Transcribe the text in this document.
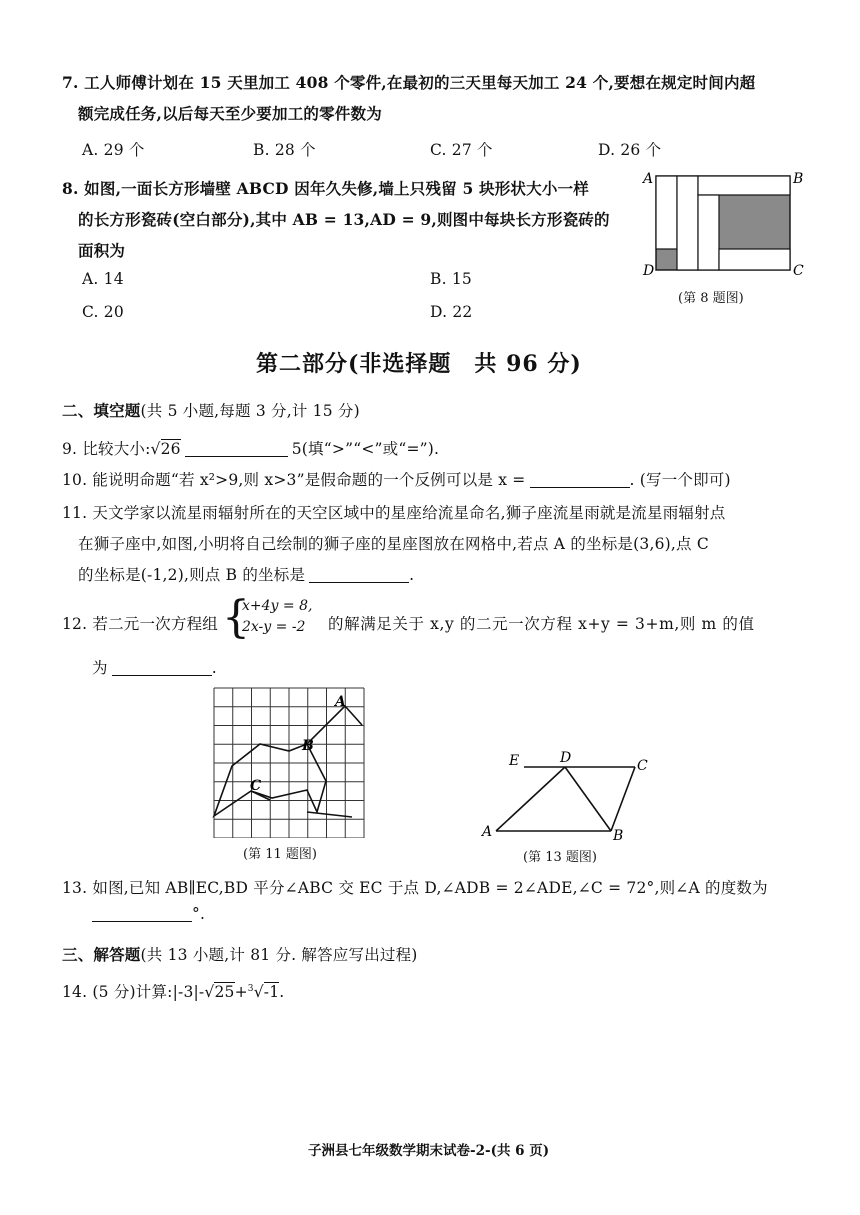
7. 工人师傅计划在 15 天里加工 408 个零件,在最初的三天里每天加工 24 个,要想在规定时间内超
额完成任务,以后每天至少要加工的零件数为
A. 29 个	B. 28 个	C. 27 个	D. 26 个
8. 如图,一面长方形墙壁 ABCD 因年久失修,墙上只残留 5 块形状大小一样
的长方形瓷砖(空白部分),其中 AB = 13,AD = 9,则图中每块长方形瓷砖的
面积为
A. 14	B. 15
C. 20	D. 22
A	B
D	C
(第 8 题图)
第二部分(非选择题　共 96 分)
二、填空题(共 5 小题,每题 3 分,计 15 分)
9. 比较大小:√26	5(填“>”“<”或“=”).
10. 能说明命题“若 x²>9,则 x>3”是假命题的一个反例可以是 x =	. (写一个即可)
11. 天文学家以流星雨辐射所在的天空区域中的星座给流星命名,狮子座流星雨就是流星雨辐射点
在狮子座中,如图,小明将自己绘制的狮子座的星座图放在网格中,若点 A 的坐标是(3,6),点 C
的坐标是(-1,2),则点 B 的坐标是	.
12. 若二元一次方程组 {
x+4y = 8,
2x-y = -2	的解满足关于 x,y 的二元一次方程 x+y = 3+m,则 m 的值
为	.
A
B
C
(第 11 题图)
E	D	C
A	B
(第 13 题图)
13. 如图,已知 AB∥EC,BD 平分∠ABC 交 EC 于点 D,∠ADB = 2∠ADE,∠C = 72°,则∠A 的度数为
°.
三、解答题(共 13 小题,计 81 分. 解答应写出过程)
14. (5 分)计算:|-3|-√25+$^3$√-1.
子洲县七年级数学期末试卷-2-(共 6 页)
